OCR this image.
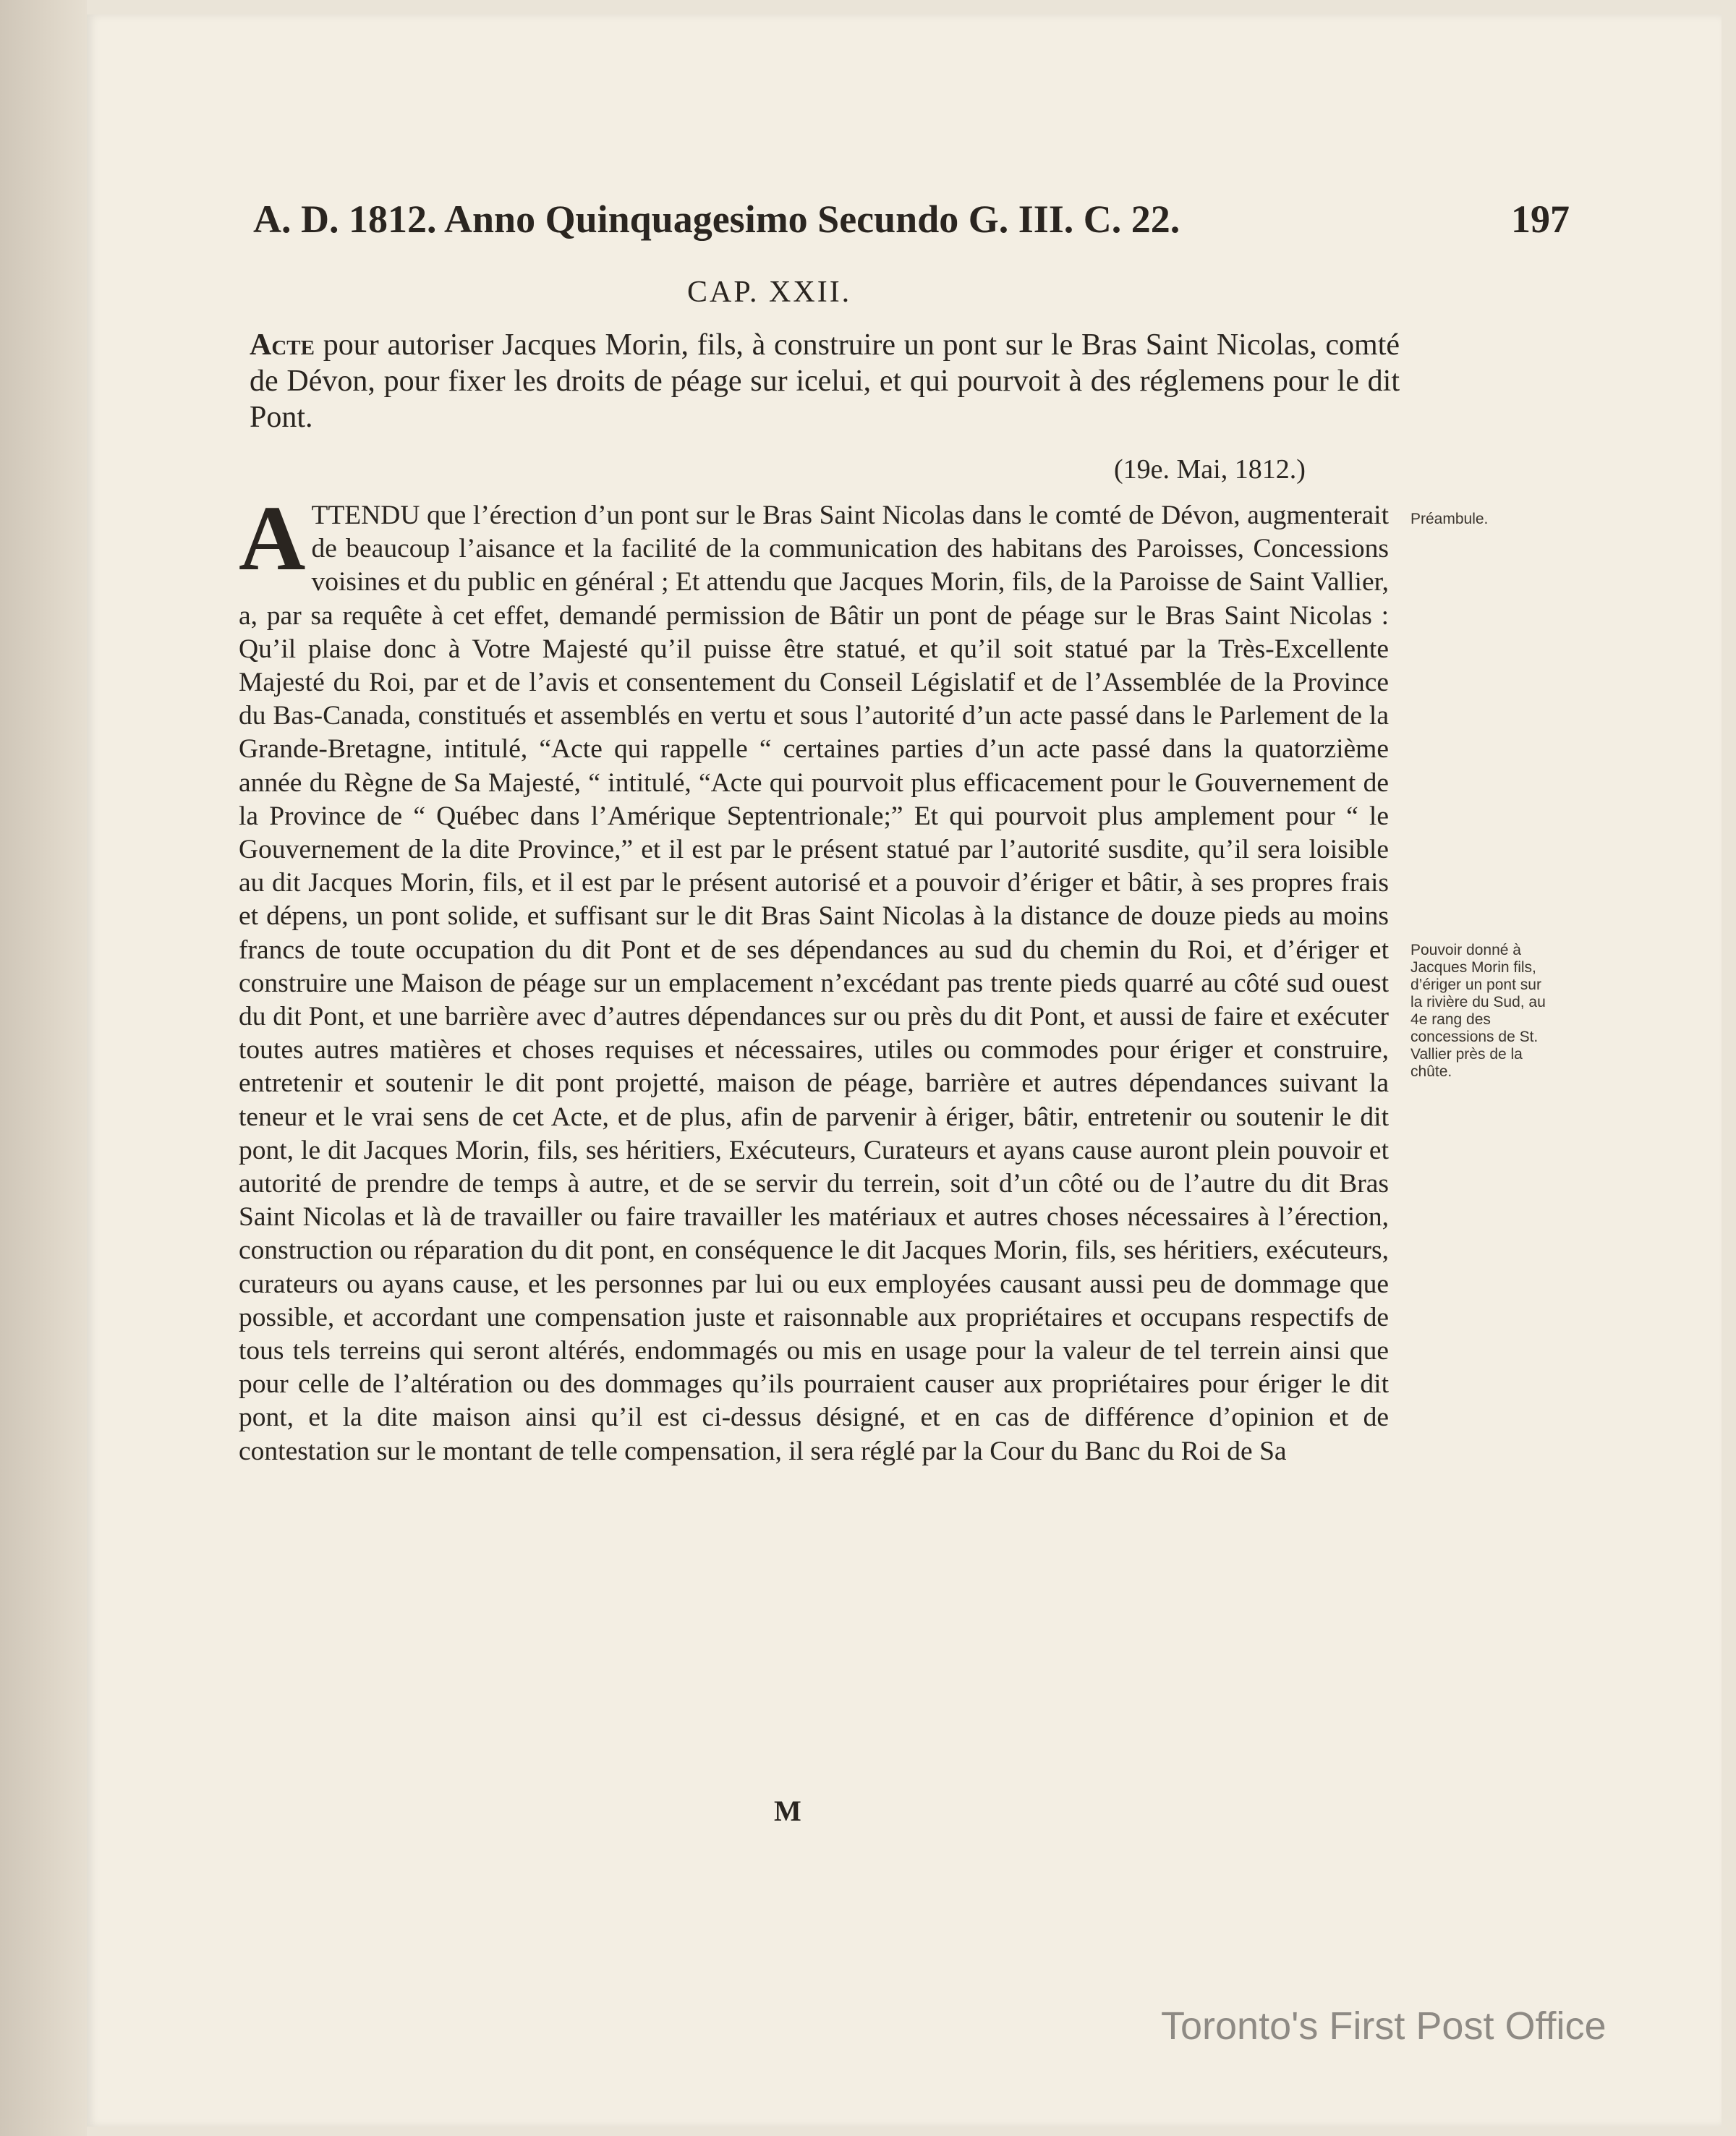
A. D. 1812. Anno Quinquagesimo Secundo G. III. C. 22.	197
CAP. XXII.
Acte pour autoriser Jacques Morin, fils, à construire un pont sur le Bras Saint Nicolas, comté de Dévon, pour fixer les droits de péage sur icelui, et qui pourvoit à des réglemens pour le dit Pont.
(19e. Mai, 1812.)

ATTENDU que l’érection d’un pont sur le Bras Saint Nicolas dans le comté de Dévon, augmenterait de beaucoup l’aisance et la facilité de la communication des habitans des Paroisses, Concessions voisines et du public en général ; Et attendu que Jacques Morin, fils, de la Paroisse de Saint Vallier, a, par sa requête à cet effet, demandé permission de Bâtir un pont de péage sur le Bras Saint Nicolas : Qu’il plaise donc à Votre Majesté qu’il puisse être statué, et qu’il soit statué par la Très-Excellente Majesté du Roi, par et de l’avis et consentement du Conseil Législatif et de l’Assemblée de la Province du Bas-Canada, constitués et assemblés en vertu et sous l’autorité d’un acte passé dans le Parlement de la Grande-Bretagne, intitulé, “Acte qui rappelle “ certaines parties d’un acte passé dans la quatorzième année du Règne de Sa Majesté, “ intitulé, “Acte qui pourvoit plus efficacement pour le Gouvernement de la Province de “ Québec dans l’Amérique Septentrionale;” Et qui pourvoit plus amplement pour “ le Gouvernement de la dite Province,” et il est par le présent statué par l’autorité susdite, qu’il sera loisible au dit Jacques Morin, fils, et il est par le présent autorisé et a pouvoir d’ériger et bâtir, à ses propres frais et dépens, un pont solide, et suffisant sur le dit Bras Saint Nicolas à la distance de douze pieds au moins francs de toute occupation du dit Pont et de ses dépendances au sud du chemin du Roi, et d’ériger et construire une Maison de péage sur un emplacement n’excédant pas trente pieds quarré au côté sud ouest du dit Pont, et une barrière avec d’autres dépendances sur ou près du dit Pont, et aussi de faire et exécuter toutes autres matières et choses requises et nécessaires, utiles ou commodes pour ériger et construire, entretenir et soutenir le dit pont projetté, maison de péage, barrière et autres dépendances suivant la teneur et le vrai sens de cet Acte, et de plus, afin de parvenir à ériger, bâtir, entretenir ou soutenir le dit pont, le dit Jacques Morin, fils, ses héritiers, Exécuteurs, Curateurs et ayans cause auront plein pouvoir et autorité de prendre de temps à autre, et de se servir du terrein, soit d’un côté ou de l’autre du dit Bras Saint Nicolas et là de travailler ou faire travailler les matériaux et autres choses nécessaires à l’érection, construction ou réparation du dit pont, en conséquence le dit Jacques Morin, fils, ses héritiers, exécuteurs, curateurs ou ayans cause, et les personnes par lui ou eux employées causant aussi peu de dommage que possible, et accordant une compensation juste et raisonnable aux propriétaires et occupans respectifs de tous tels terreins qui seront altérés, endommagés ou mis en usage pour la valeur de tel terrein ainsi que pour celle de l’altération ou des dommages qu’ils pourraient causer aux propriétaires pour ériger le dit pont, et la dite maison ainsi qu’il est ci-dessus désigné, et en cas de différence d’opinion et de contestation sur le montant de telle compensation, il sera réglé par la Cour du Banc du Roi de Sa

Préambule.
Pouvoir donné à Jacques Morin fils, d’ériger un pont sur la rivière du Sud, au 4e rang des concessions de St. Vallier près de la chûte.
M
Toronto's First Post Office
